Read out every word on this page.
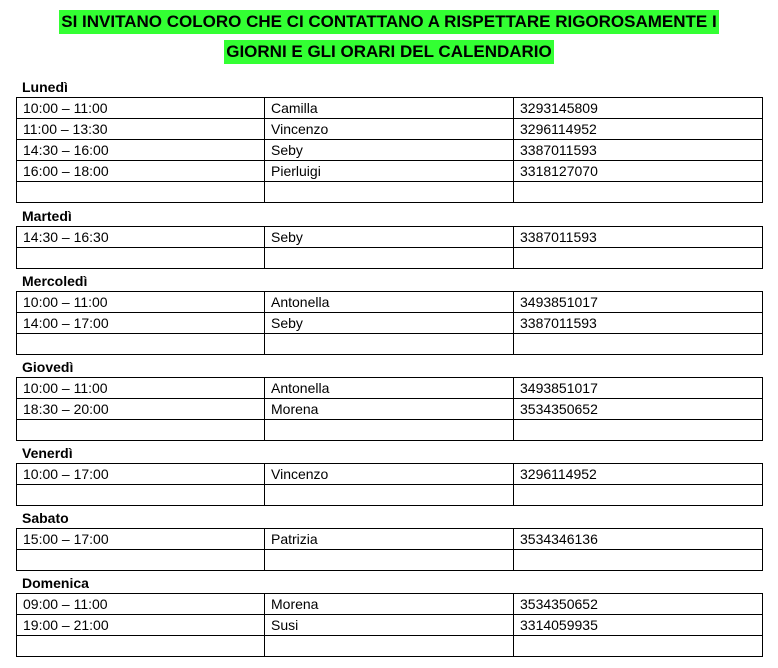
SI INVITANO COLORO CHE CI CONTATTANO A RISPETTARE RIGOROSAMENTE I
GIORNI E GLI ORARI DEL CALENDARIO
Lunedì
10:00 – 11:00	Camilla	3293145809
11:00 – 13:30	Vincenzo	3296114952
14:30 – 16:00	Seby	3387011593
16:00 – 18:00	Pierluigi	3318127070

Martedì
14:30 – 16:30	Seby	3387011593

Mercoledì
10:00 – 11:00	Antonella	3493851017
14:00 – 17:00	Seby	3387011593

Giovedì
10:00 – 11:00	Antonella	3493851017
18:30 – 20:00	Morena	3534350652

Venerdì
10:00 – 17:00	Vincenzo	3296114952

Sabato
15:00 – 17:00	Patrizia	3534346136

Domenica
09:00 – 11:00	Morena	3534350652
19:00 – 21:00	Susi	3314059935
